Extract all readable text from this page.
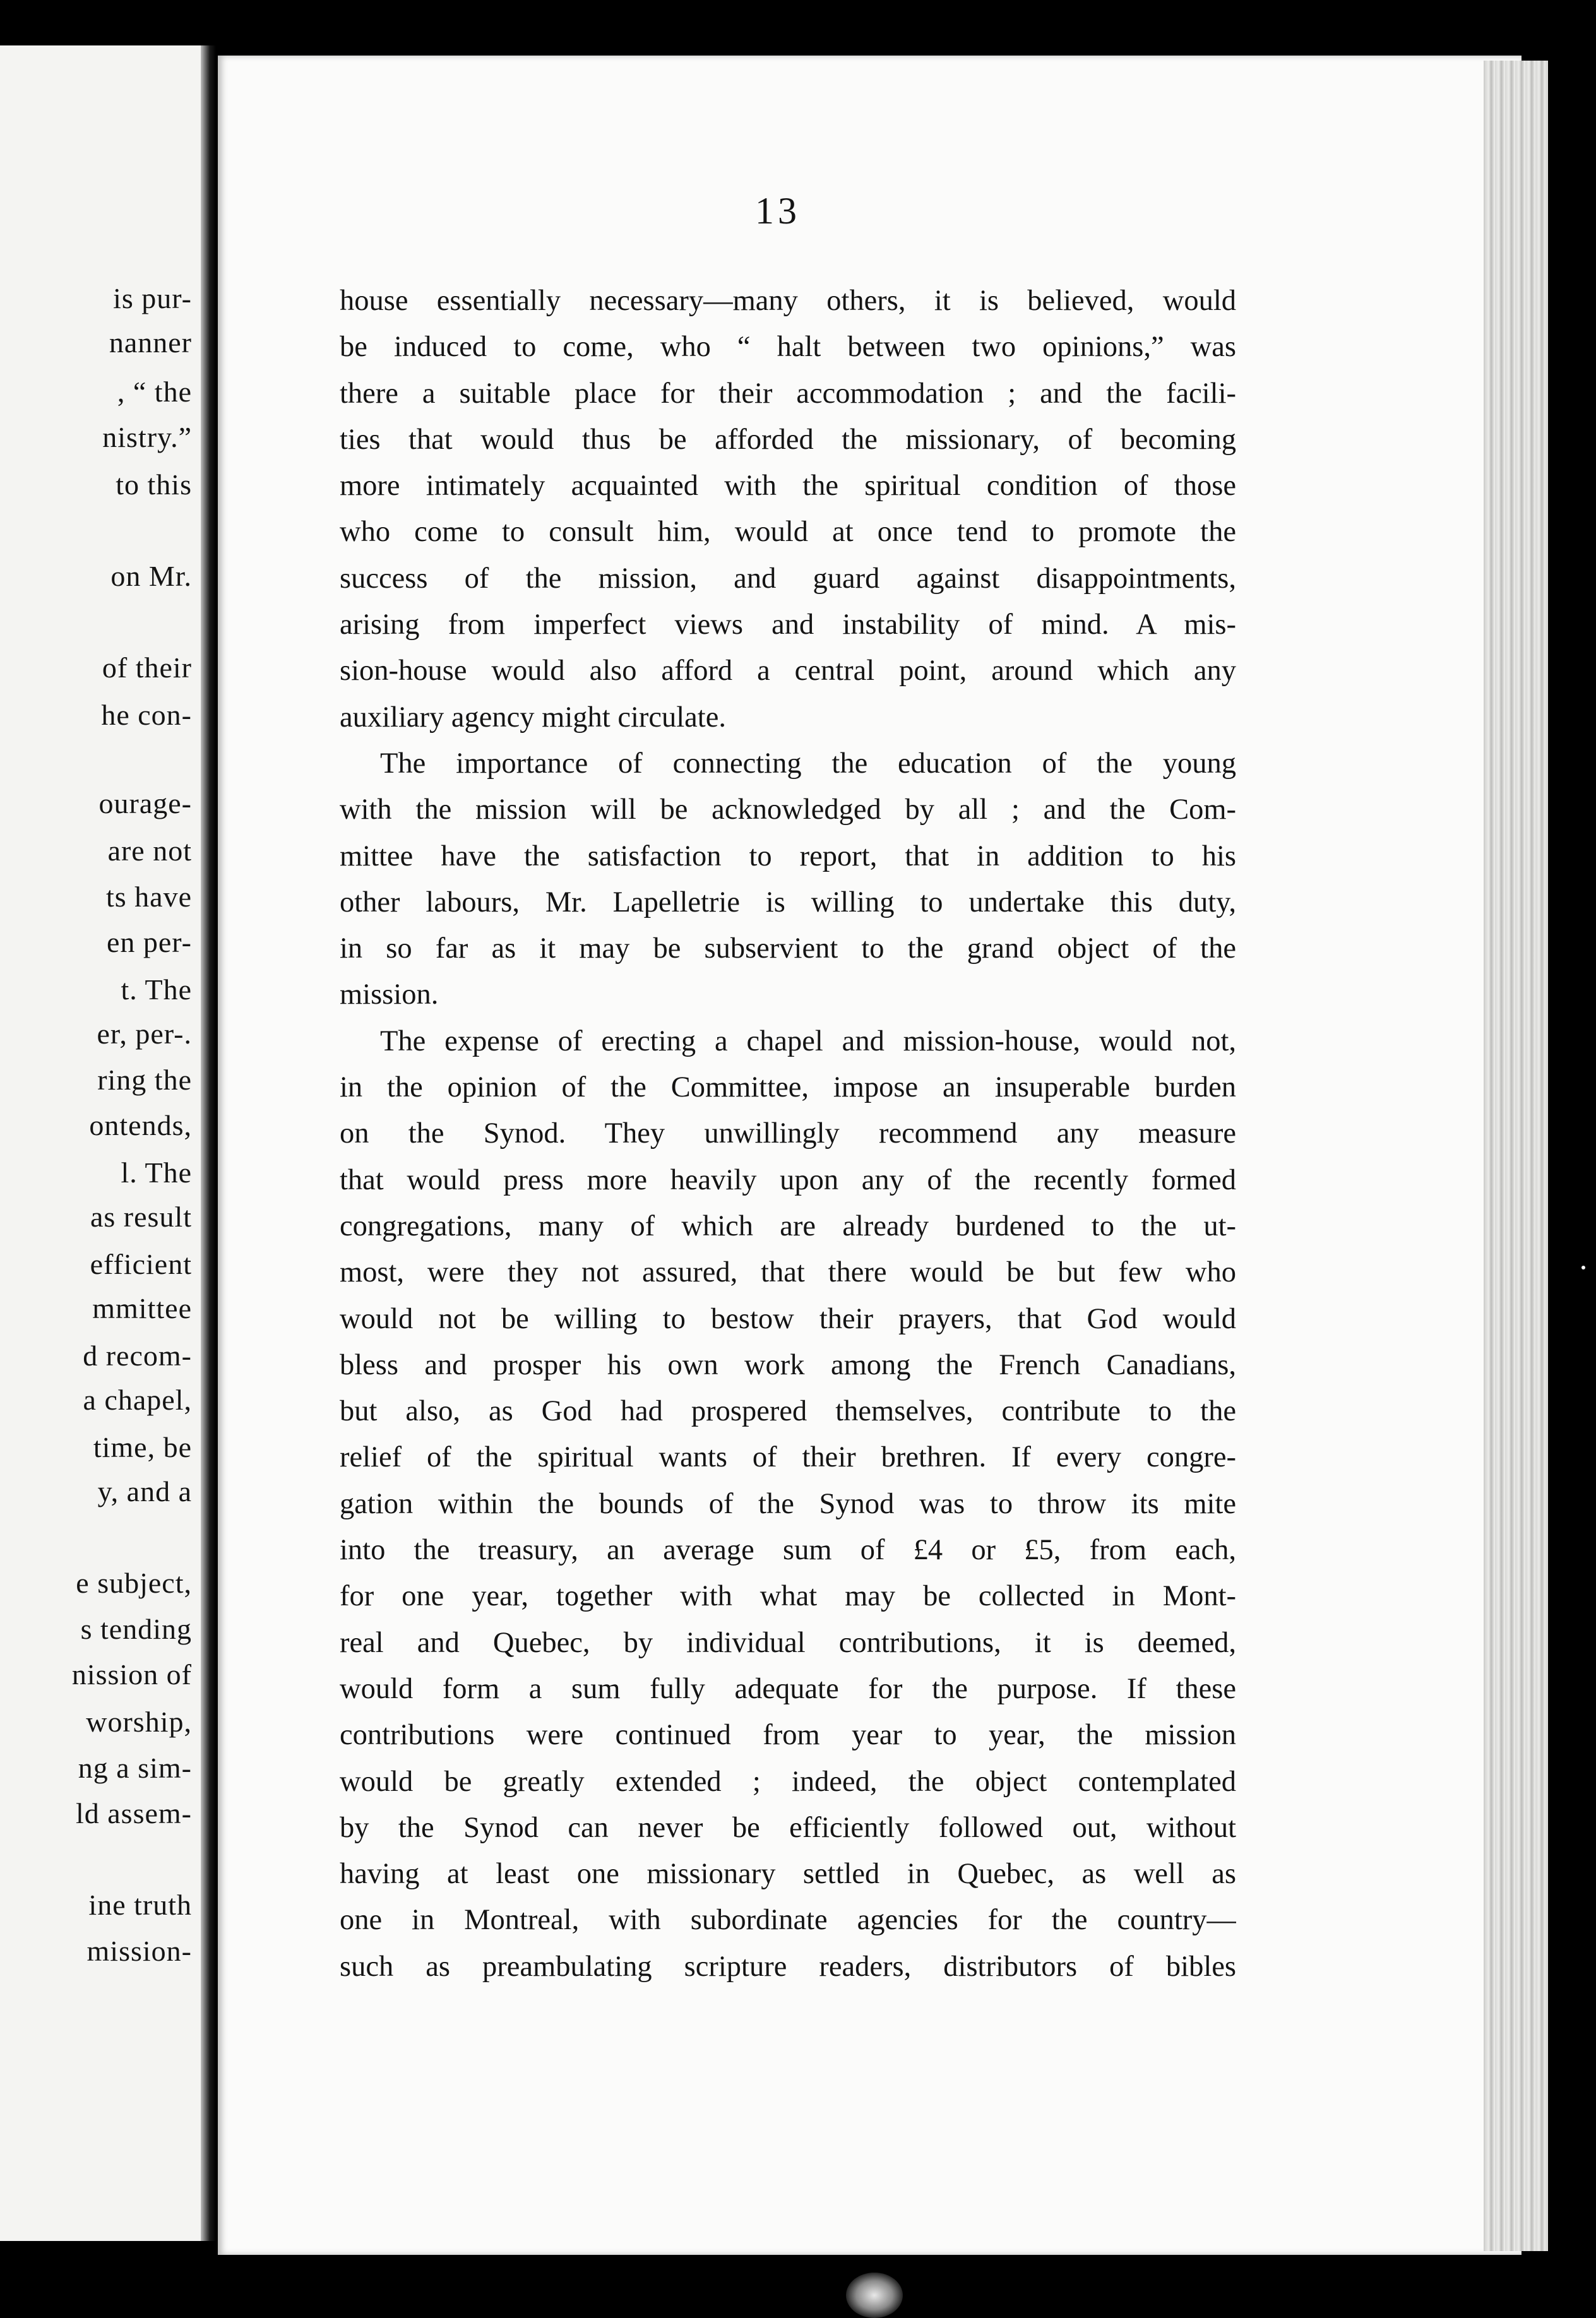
is pur-
nanner
, “ the
nistry.”
to this
on Mr.
of their
he con-
ourage-
are not
ts have
en per-
t. The
er, per-.
ring the
ontends,
l. The
as result
efficient
mmittee
d recom-
a chapel,
time, be
y, and a
e subject,
s tending
nission of
worship,
ng a sim-
ld assem-
ine truth
mission-
13
house essentially necessary—many others, it is believed, would
be induced to come, who “ halt between two opinions,” was
there a suitable place for their accommodation ; and the facili-
ties that would thus be afforded the missionary, of becoming
more intimately acquainted with the spiritual condition of those
who come to consult him, would at once tend to promote the
success of the mission, and guard against disappointments,
arising from imperfect views and instability of mind. A mis-
sion-house would also afford a central point, around which any
auxiliary agency might circulate.
The importance of connecting the education of the young
with the mission will be acknowledged by all ; and the Com-
mittee have the satisfaction to report, that in addition to his
other labours, Mr. Lapelletrie is willing to undertake this duty,
in so far as it may be subservient to the grand object of the
mission.
The expense of erecting a chapel and mission-house, would not,
in the opinion of the Committee, impose an insuperable burden
on the Synod. They unwillingly recommend any measure
that would press more heavily upon any of the recently formed
congregations, many of which are already burdened to the ut-
most, were they not assured, that there would be but few who
would not be willing to bestow their prayers, that God would
bless and prosper his own work among the French Canadians,
but also, as God had prospered themselves, contribute to the
relief of the spiritual wants of their brethren. If every congre-
gation within the bounds of the Synod was to throw its mite
into the treasury, an average sum of £4 or £5, from each,
for one year, together with what may be collected in Mont-
real and Quebec, by individual contributions, it is deemed,
would form a sum fully adequate for the purpose. If these
contributions were continued from year to year, the mission
would be greatly extended ; indeed, the object contemplated
by the Synod can never be efficiently followed out, without
having at least one missionary settled in Quebec, as well as
one in Montreal, with subordinate agencies for the country—
such as preambulating scripture readers, distributors of bibles
